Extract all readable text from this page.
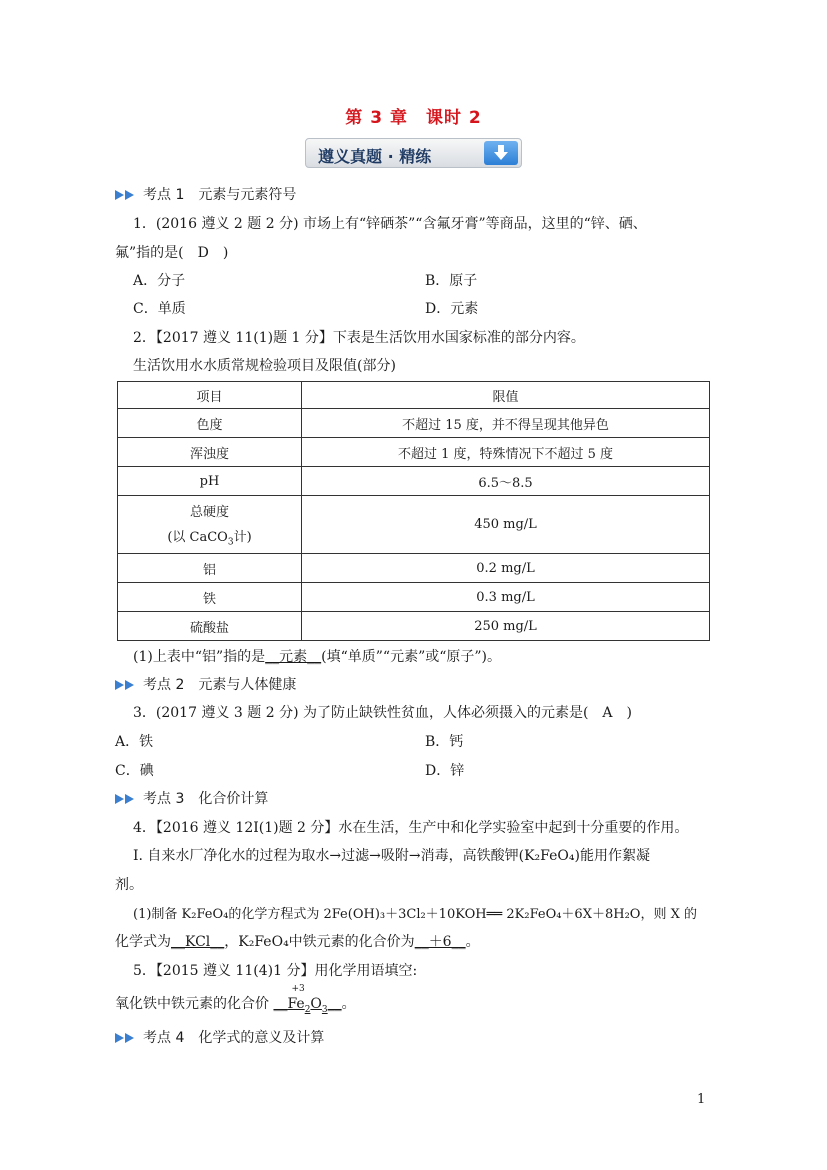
第 3 章　课时 2
遵义真题 · 精练
考点 1　元素与元素符号
1．(2016 遵义 2 题 2 分) 市场上有“锌硒茶”“含氟牙膏”等商品，这里的“锌、硒、
氟”指的是(　D　)
A．分子	B．原子
C．单质	D．元素
2．【2017 遵义 11(1)题 1 分】下表是生活饮用水国家标准的部分内容。
生活饮用水水质常规检验项目及限值(部分)
项目	限值
色度	不超过 15 度，并不得呈现其他异色
浑浊度	不超过 1 度，特殊情况下不超过 5 度
pH	6.5～8.5

总硬度
(以 CaCO$_3$计)	450 mg/L
铝	0.2 mg/L
铁	0.3 mg/L
硫酸盐	250 mg/L
(1)上表中“铝”指的是__元素__(填“单质”“元素”或“原子”)。
考点 2　元素与人体健康
3．(2017 遵义 3 题 2 分) 为了防止缺铁性贫血，人体必须摄入的元素是(　A　)
A．铁	B．钙
C．碘	D．锌
考点 3　化合价计算
4．【2016 遵义 12Ⅰ(1)题 2 分】水在生活，生产中和化学实验室中起到十分重要的作用。
Ⅰ. 自来水厂净化水的过程为取水→过滤→吸附→消毒，高铁酸钾(K₂FeO₄)能用作絮凝
剂。
(1)制备 K₂FeO₄的化学方程式为 2Fe(OH)₃＋3Cl₂＋10KOH══ 2K₂FeO₄＋6X＋8H₂O，则 X 的
化学式为__KCl__，K₂FeO₄中铁元素的化合价为__＋6__。
5．【2015 遵义 11(4)1 分】用化学用语填空:
氧化铁中铁元素的化合价 __
+3
$Fe_2O_3\_\_$。
考点 4　化学式的意义及计算
1
